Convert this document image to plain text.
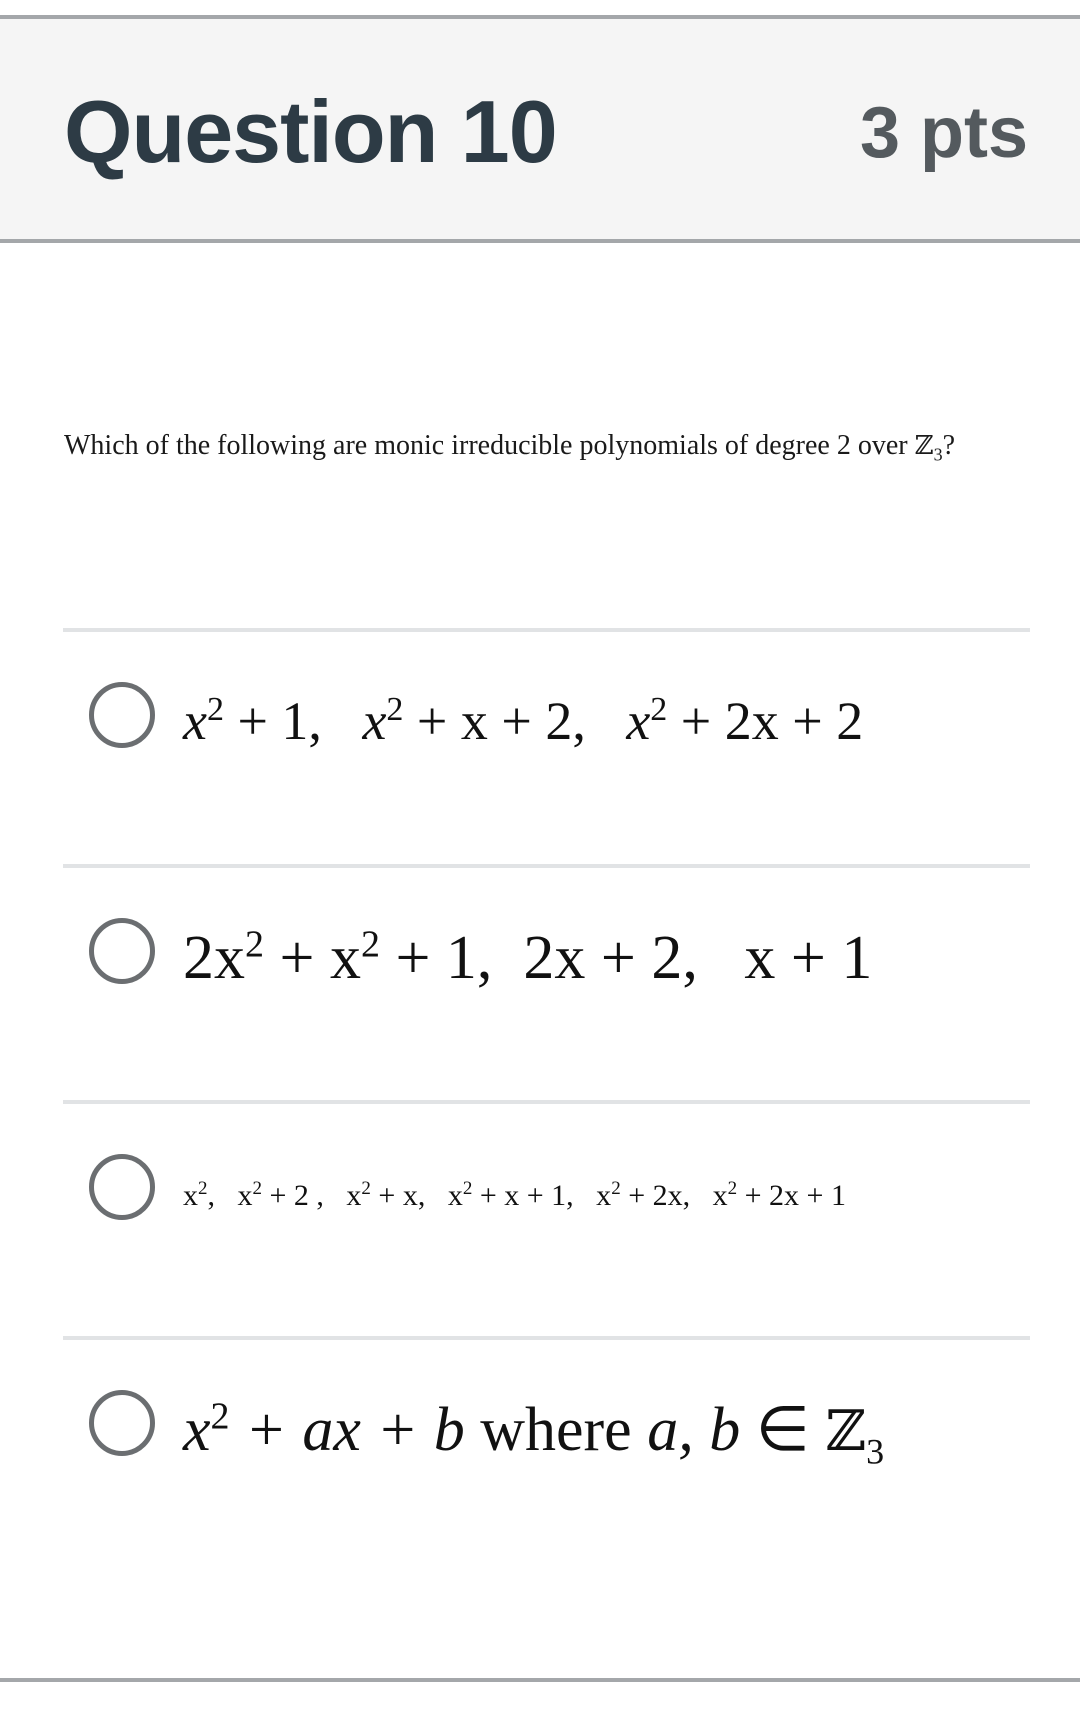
Question 10	3 pts
Which of the following are monic irreducible polynomials of degree 2 over ℤ$_3$?
$x^2 + 1$, $x^2 + x + 2$, $x^2 + 2x + 2$
$2x^2 + x^2 + 1$,  2x + 2,   x + 1
$x^2$,   $x^2 + 2$ ,   $x^2 + x$,   $x^2 + x + 1$,   $x^2 + 2x$,   $x^2 + 2x + 1$
$x^2$ + ax + b where a, b ∈ ℤ$_3$
